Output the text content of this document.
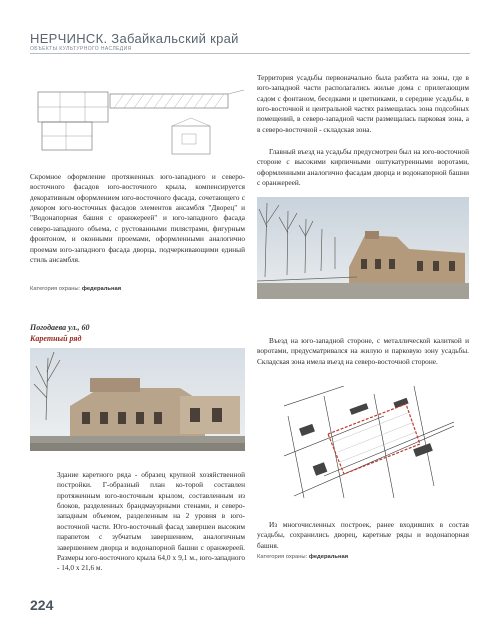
НЕРЧИНСК. Забайкальский край
ОБЪЕКТЫ КУЛЬТУРНОГО НАСЛЕДИЯ

Скромное оформление протяженных юго-западного и северо-восточного фасадов юго-восточного крыла, компенсируется декоративным оформлением юго-восточного фасада, сочетающего с декором юго-восточных фасадов элементов ансамбля "Дворец" и "Водонапорная башня с оранжереей" и юго-западного фасада северо-западного объема, с рустованными пилястрами, фигурным фронтоном, и оконными проемами, оформленными аналогично проемам юго-западного фасада дворца, подчеркивающими единый стиль ансамбля.

Категория охраны: федеральная
Погодаева ул., 60
Каретный ряд

Здание каретного ряда - образец крупной хозяйственной постройки. Г-образный план ко-торой составлен протяженным юго-восточным крылом, составленным из блоков, разделенных брандмауэрными стенами, и северо-западным объемом, разделенным на 2 уровня в юго-восточной части. Юго-восточный фасад завершен высоким парапетом с зубчатым завершением, аналогичным завершением дворца и водонапорной башни с оранжереей. Размеры юго-восточного крыла 64,0 х 9,1 м., юго-западного - 14,0 х 21,6 м.

Территория усадьбы первоначально была разбита на зоны, где в юго-западной части располагались жилые дома с прилегающим садом с фонтаном, беседками и цветниками, в середине усадьбы, в юго-восточной и центральной частях размещалась зона подсобных помещений, в северо-западной части размещалась парковая зона, а в северо-восточной - складская зона.

Главный въезд на усадьбы предусмотрен был на юго-восточной стороне с высокими кирпичными оштукатуренными воротами, оформленными аналогично фасадам дворца и водонапорной башни с оранжереей.

Въезд на юго-западной стороне, с металлической калиткой и воротами, предусматривался на жилую и парковую зону усадьбы. Складская зона имела въезд на северо-восточной стороне.

Из многочисленных построек, ранее входивших в состав усадьбы, сохранились дворец, каретные ряды и водонапорная башня.

Категория охраны: федеральная
224
